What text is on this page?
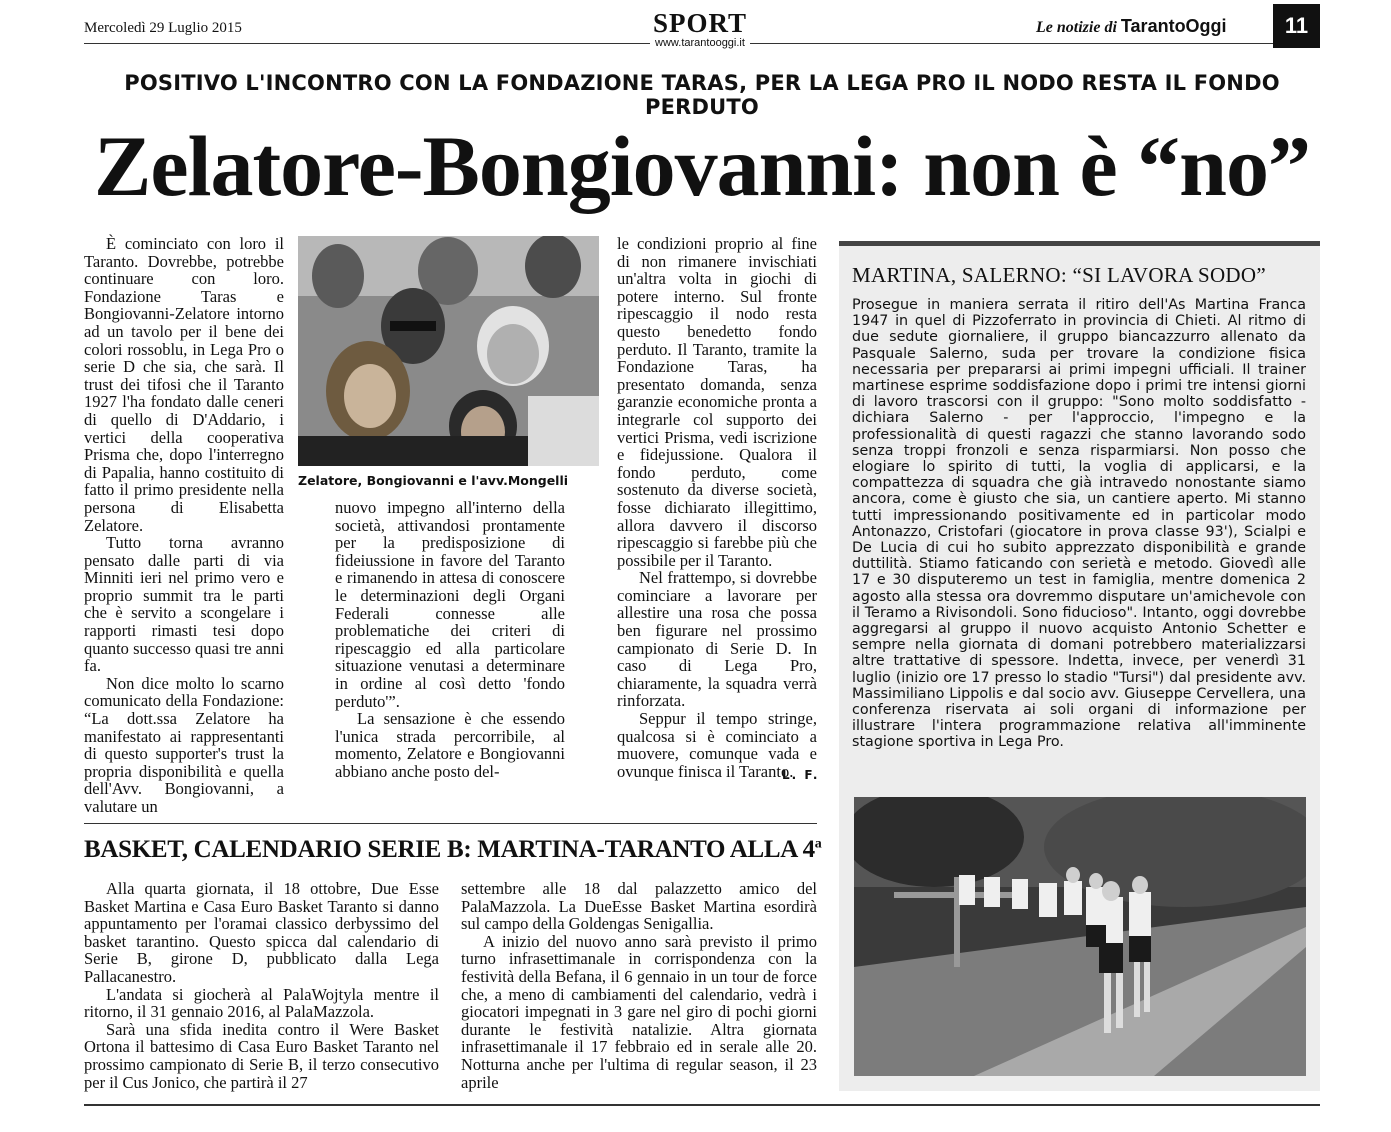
Mercoledì 29 Luglio 2015	SPORT
www.tarantooggi.it
Le notizie di TarantoOggi	11
POSITIVO L'INCONTRO CON LA FONDAZIONE TARAS, PER LA LEGA PRO IL NODO RESTA IL FONDO PERDUTO
Zelatore-Bongiovanni: non è “no”

È cominciato con loro il Taranto. Dovrebbe, potrebbe continuare con loro. Fondazione Taras e Bongiovanni-Zelatore intorno ad un tavolo per il bene dei colori rossoblu, in Lega Pro o serie D che sia, che sarà. Il trust dei tifosi che il Taranto 1927 l'ha fondato dalle ceneri di quello di D'Addario, i vertici della cooperativa Prisma che, dopo l'interregno di Papalia, hanno costituito di fatto il primo presidente nella persona di Elisabetta Zelatore.

Tutto torna avranno pensato dalle parti di via Minniti ieri nel primo vero e proprio summit tra le parti che è servito a scongelare i rapporti rimasti tesi dopo quanto successo quasi tre anni fa.

Non dice molto lo scarno comunicato della Fondazione: “La dott.ssa Zelatore ha manifestato ai rappresentanti di questo supporter's trust la propria disponibilità e quella dell'Avv. Bongiovanni, a valutare un

Zelatore, Bongiovanni e l'avv.Mongelli

nuovo impegno all'interno della società, attivandosi prontamente per la predisposizione di fideiussione in favore del Taranto e rimanendo in attesa di conoscere le determinazioni degli Organi Federali connesse alle problematiche dei criteri di ripescaggio ed alla particolare situazione venutasi a determinare in ordine al così detto 'fondo perduto'”.

La sensazione è che essendo l'unica strada percorribile, al momento, Zelatore e Bongiovanni abbiano anche posto del-

le condizioni proprio al fine di non rimanere invischiati un'altra volta in giochi di potere interno. Sul fronte ripescaggio il nodo resta questo benedetto fondo perduto. Il Taranto, tramite la Fondazione Taras, ha presentato domanda, senza garanzie economiche pronta a integrarle col supporto dei vertici Prisma, vedi iscrizione e fidejussione. Qualora il fondo perduto, come sostenuto da diverse società, fosse dichiarato illegittimo, allora davvero il discorso ripescaggio si farebbe più che possibile per il Taranto.

Nel frattempo, si dovrebbe cominciare a lavorare per allestire una rosa che possa ben figurare nel prossimo campionato di Serie D. In caso di Lega Pro, chiaramente, la squadra verrà rinforzata.

Seppur il tempo stringe, qualcosa si è cominciato a muovere, comunque vada e ovunque finisca il Taranto.

L. F.
MARTINA, SALERNO: “SI LAVORA SODO”

Prosegue in maniera serrata il ritiro dell'As Martina Franca 1947 in quel di Pizzoferrato in provincia di Chieti. Al ritmo di due sedute giornaliere, il gruppo biancazzurro allenato da Pasquale Salerno, suda per trovare la condizione fisica necessaria per prepararsi ai primi impegni ufficiali. Il trainer martinese esprime soddisfazione dopo i primi tre intensi giorni di lavoro trascorsi con il gruppo: "Sono molto soddisfatto - dichiara Salerno - per l'approccio, l'impegno e la professionalità di questi ragazzi che stanno lavorando sodo senza troppi fronzoli e senza risparmiarsi. Non posso che elogiare lo spirito di tutti, la voglia di applicarsi, e la compattezza di squadra che già intravedo nonostante siamo ancora, come è giusto che sia, un cantiere aperto. Mi stanno tutti impressionando positivamente ed in particolar modo Antonazzo, Cristofari (giocatore in prova classe 93'), Scialpi e De Lucia di cui ho subito apprezzato disponibilità e grande duttilità. Stiamo faticando con serietà e metodo. Giovedì alle 17 e 30 disputeremo un test in famiglia, mentre domenica 2 agosto alla stessa ora dovremmo disputare un'amichevole con il Teramo a Rivisondoli. Sono fiducioso". Intanto, oggi dovrebbe aggregarsi al gruppo il nuovo acquisto Antonio Schetter e sempre nella giornata di domani potrebbero materializzarsi altre trattative di spessore. Indetta, invece, per venerdì 31 luglio (inizio ore 17 presso lo stadio "Tursi") dal presidente avv. Massimiliano Lippolis e dal socio avv. Giuseppe Cervellera, una conferenza riservata ai soli organi di informazione per illustrare l'intera programmazione relativa all'imminente stagione sportiva in Lega Pro.

BASKET, CALENDARIO SERIE B: MARTINA-TARANTO ALLA 4$^a$

Alla quarta giornata, il 18 ottobre, Due Esse Basket Martina e Casa Euro Basket Taranto si danno appuntamento per l'oramai classico derbyssimo del basket tarantino. Questo spicca dal calendario di Serie B, girone D, pubblicato dalla Lega Pallacanestro.

L'andata si giocherà al PalaWojtyla mentre il ritorno, il 31 gennaio 2016, al PalaMazzola.

Sarà una sfida inedita contro il Were Basket Ortona il battesimo di Casa Euro Basket Taranto nel prossimo campionato di Serie B, il terzo consecutivo per il Cus Jonico, che partirà il 27

settembre alle 18 dal palazzetto amico del PalaMazzola. La DueEsse Basket Martina esordirà sul campo della Goldengas Senigallia.

A inizio del nuovo anno sarà previsto il primo turno infrasettimanale in corrispondenza con la festività della Befana, il 6 gennaio in un tour de force che, a meno di cambiamenti del calendario, vedrà i giocatori impegnati in 3 gare nel giro di pochi giorni durante le festività natalizie. Altra giornata infrasettimanale il 17 febbraio ed in serale alle 20. Notturna anche per l'ultima di regular season, il 23 aprile
